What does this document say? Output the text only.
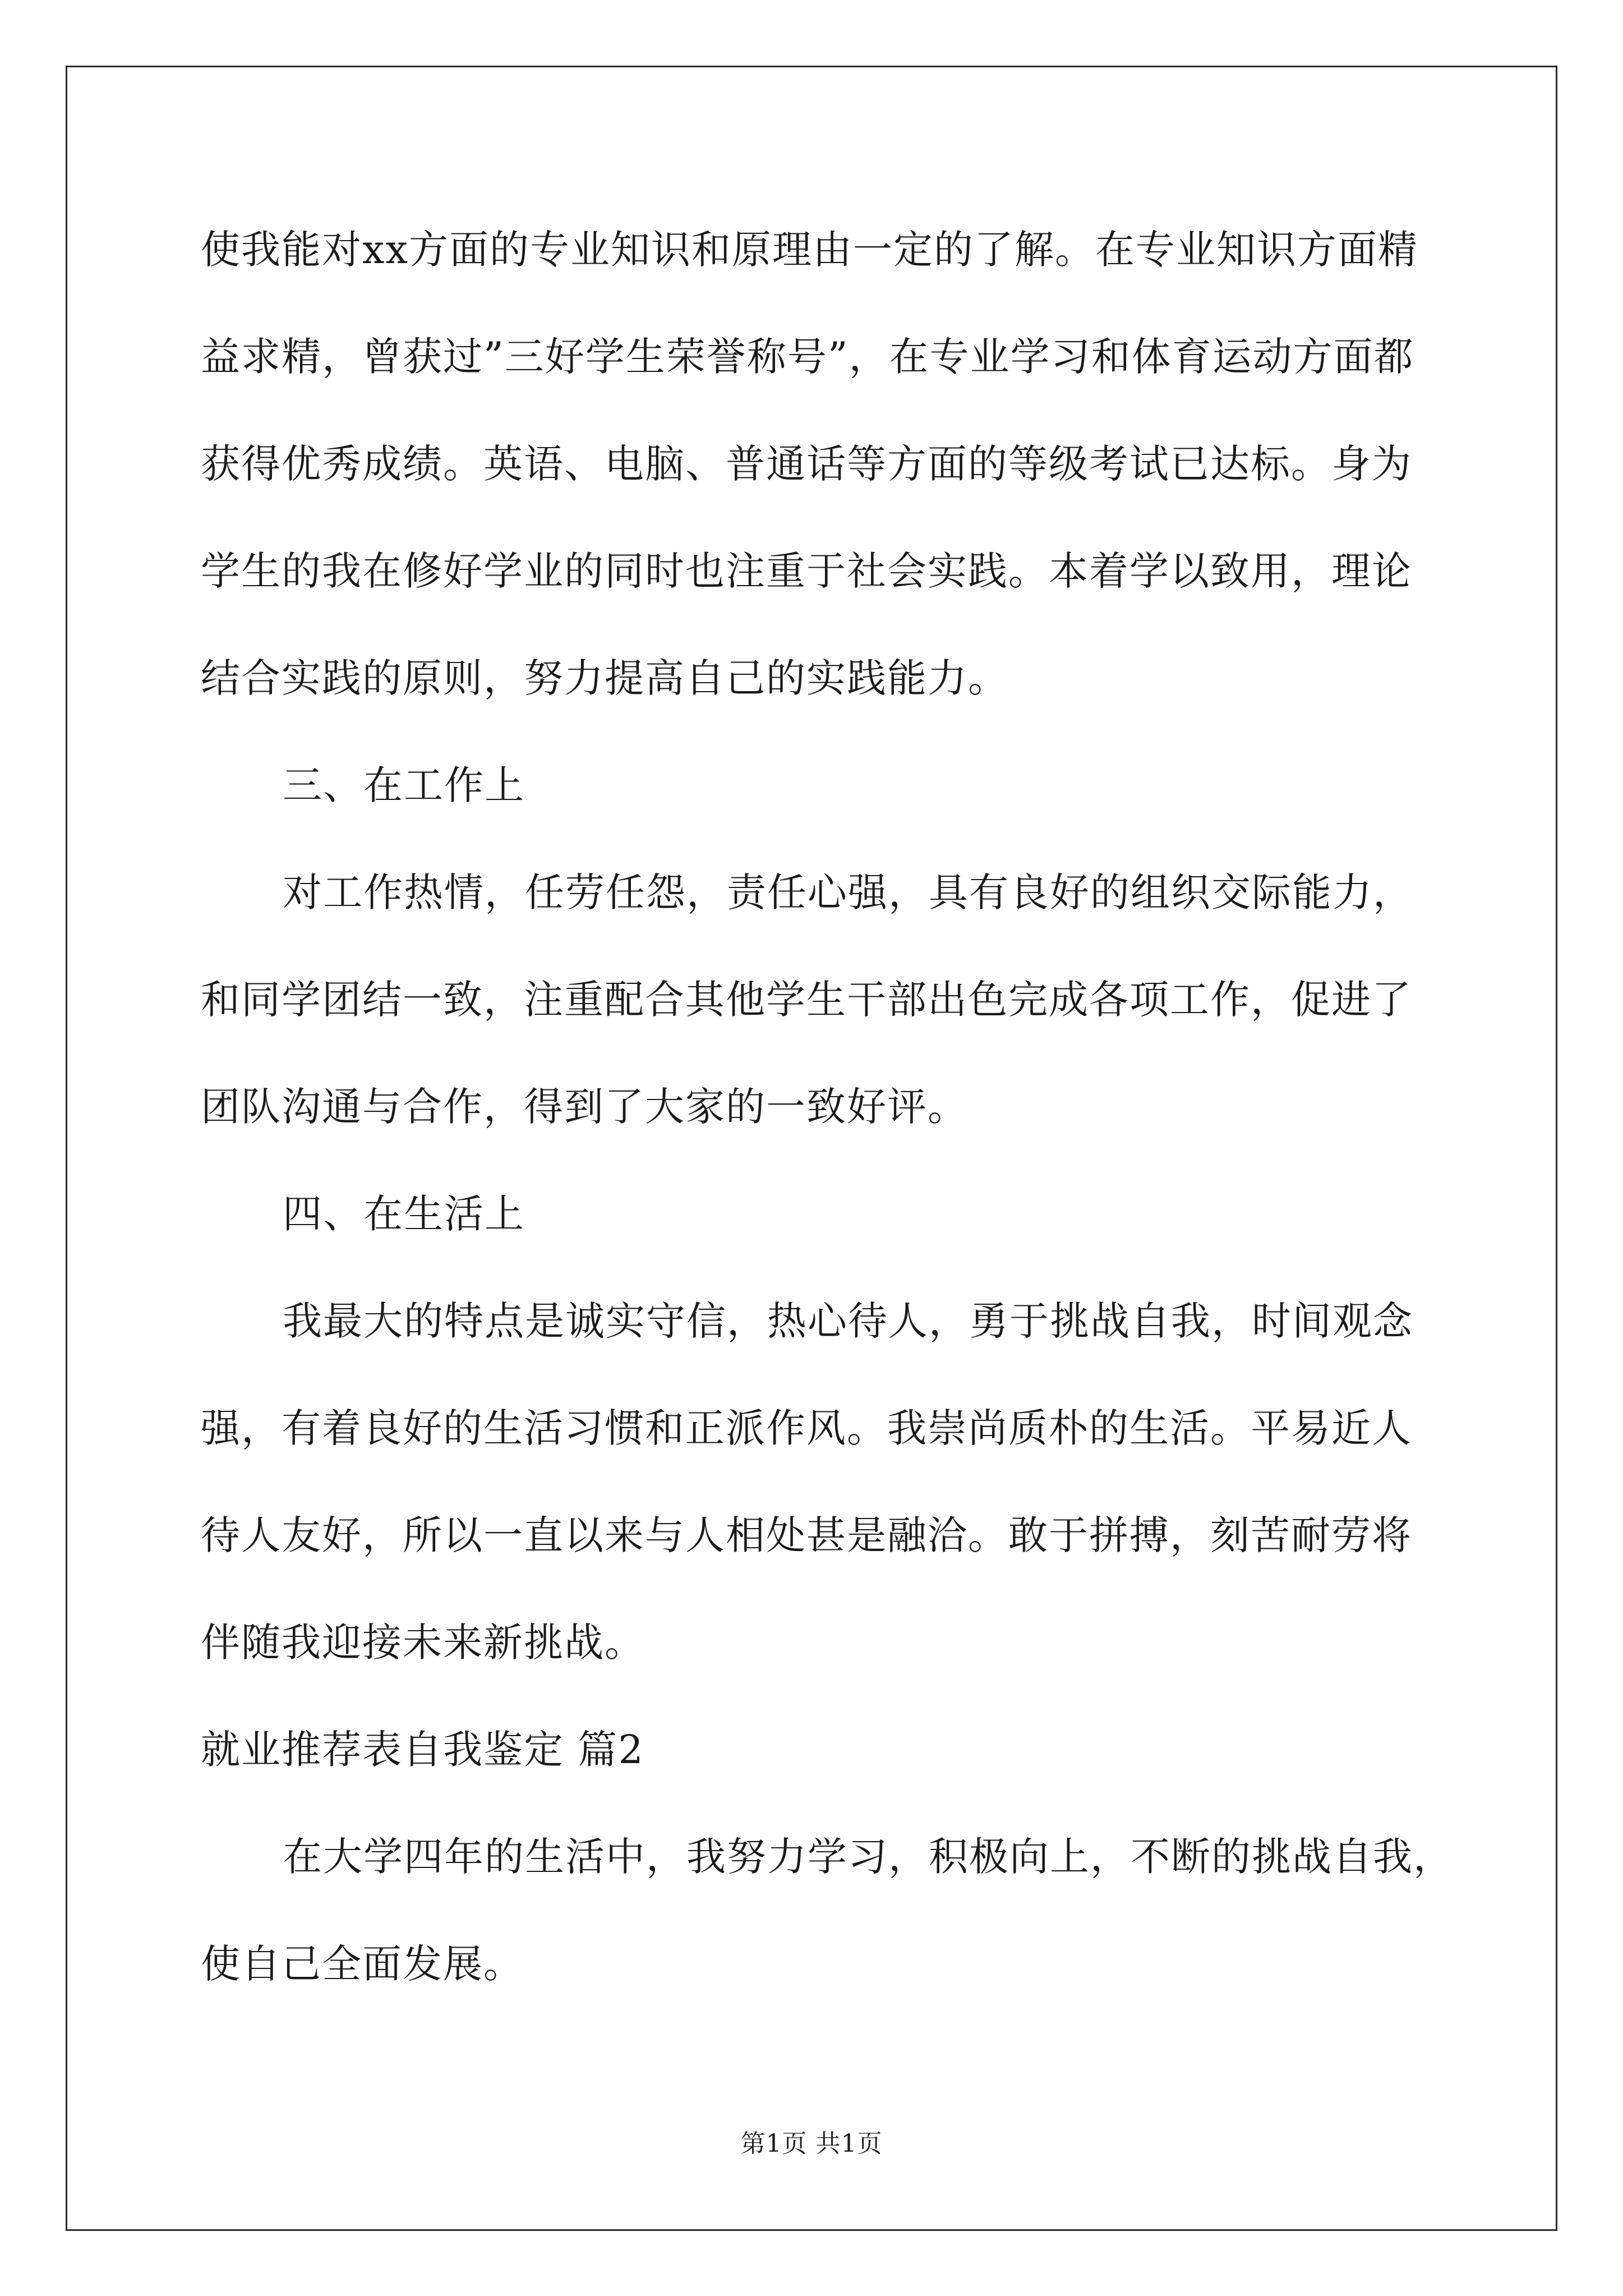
使我能对xx方面的专业知识和原理由一定的了解。在专业知识方面精
益求精，曾获过”三好学生荣誉称号”，在专业学习和体育运动方面都
获得优秀成绩。英语、电脑、普通话等方面的等级考试已达标。身为
学生的我在修好学业的同时也注重于社会实践。本着学以致用，理论
结合实践的原则，努力提高自己的实践能力。
三、在工作上
对工作热情，任劳任怨，责任心强，具有良好的组织交际能力，
和同学团结一致，注重配合其他学生干部出色完成各项工作，促进了
团队沟通与合作，得到了大家的一致好评。
四、在生活上
我最大的特点是诚实守信，热心待人，勇于挑战自我，时间观念
强，有着良好的生活习惯和正派作风。我崇尚质朴的生活。平易近人
待人友好，所以一直以来与人相处甚是融洽。敢于拼搏，刻苦耐劳将
伴随我迎接未来新挑战。
就业推荐表自我鉴定 篇2
在大学四年的生活中，我努力学习，积极向上，不断的挑战自我，
使自己全面发展。
第1页 共1页
